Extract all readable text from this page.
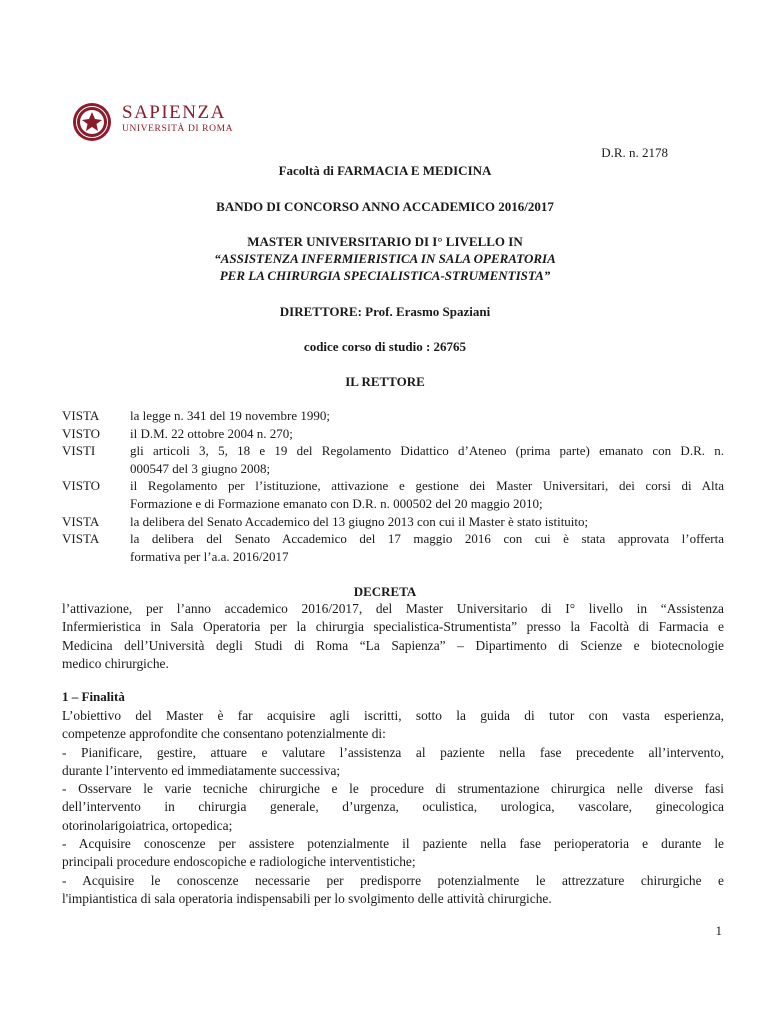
SAPIENZA
UNIVERSITÀ DI ROMA
D.R. n. 2178
Facoltà di FARMACIA E MEDICINA
BANDO DI CONCORSO ANNO ACCADEMICO 2016/2017
MASTER UNIVERSITARIO DI I° LIVELLO IN
“ASSISTENZA INFERMIERISTICA IN SALA OPERATORIA
PER LA CHIRURGIA SPECIALISTICA-STRUMENTISTA”
DIRETTORE: Prof. Erasmo Spaziani
codice corso di studio : 26765
IL RETTORE
VISTA	la legge n. 341 del 19 novembre 1990;
VISTO	il D.M. 22 ottobre 2004 n. 270;
VISTI	gli articoli 3, 5, 18 e 19 del Regolamento Didattico d’Ateneo (prima parte) emanato con D.R. n.
000547 del 3 giugno 2008;
VISTO	il Regolamento per l’istituzione, attivazione e gestione dei Master Universitari, dei corsi di Alta
Formazione e di Formazione emanato con D.R. n. 000502 del 20 maggio 2010;
VISTA	la delibera del Senato Accademico del 13 giugno 2013 con cui il Master è stato istituito;
VISTA	la delibera del Senato Accademico del 17 maggio 2016 con cui è stata approvata l’offerta
formativa per l’a.a. 2016/2017
DECRETA
l’attivazione, per l’anno accademico 2016/2017, del Master Universitario di I° livello in “Assistenza
Infermieristica in Sala Operatoria per la chirurgia specialistica-Strumentista” presso la Facoltà di Farmacia e
Medicina dell’Università degli Studi di Roma “La Sapienza” – Dipartimento di Scienze e biotecnologie
medico chirurgiche.
1 – Finalità
L’obiettivo del Master è far acquisire agli iscritti, sotto la guida di tutor con vasta esperienza,
competenze approfondite che consentano potenzialmente di:
- Pianificare, gestire, attuare e valutare l’assistenza al paziente nella fase precedente all’intervento,
durante l’intervento ed immediatamente successiva;
- Osservare le varie tecniche chirurgiche e le procedure di strumentazione chirurgica nelle diverse fasi
dell’intervento in chirurgia generale, d’urgenza, oculistica, urologica, vascolare, ginecologica
otorinolarigoiatrica, ortopedica;
- Acquisire conoscenze per assistere potenzialmente il paziente nella fase perioperatoria e durante le
principali procedure endoscopiche e radiologiche interventistiche;
- Acquisire le conoscenze necessarie per predisporre potenzialmente le attrezzature chirurgiche e
l'impiantistica di sala operatoria indispensabili per lo svolgimento delle attività chirurgiche.
1
